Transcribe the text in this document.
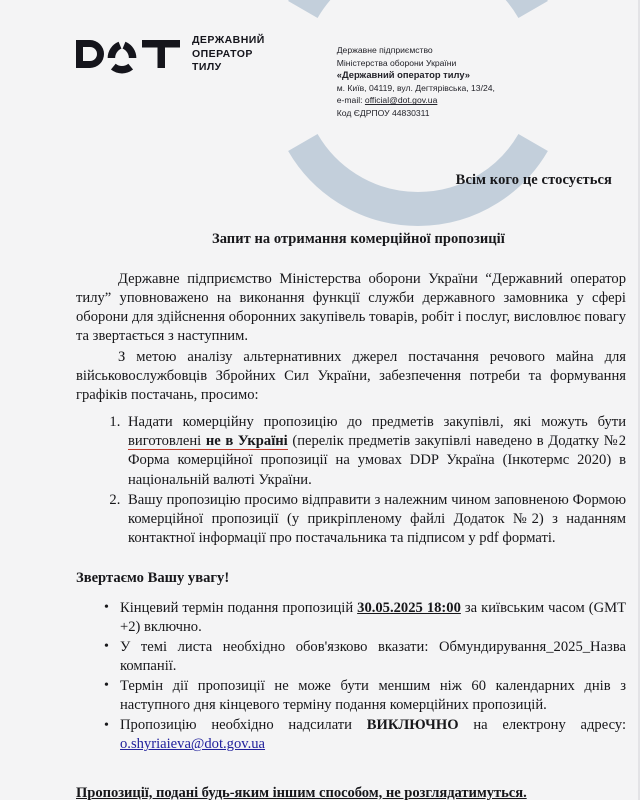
ДЕРЖАВНИЙ
ОПЕРАТОР
ТИЛУ
Державне підприємство
Міністерства оборони України
«Державний оператор тилу»
м. Київ, 04119, вул. Дегтярівська, 13/24,
e-mail: official@dot.gov.ua
Код ЄДРПОУ 44830311
Всім кого це стосується
Запит на отримання комерційної пропозиції

Державне підприємство Міністерства оборони України “Державний оператор тилу” уповноважено на виконання функції служби державного замовника у сфері оборони для здійснення оборонних закупівель товарів, робіт і послуг, висловлює повагу та звертається з наступним.

З метою аналізу альтернативних джерел постачання речового майна для військовослужбовців Збройних Сил України, забезпечення потреби та формування графіків постачань, просимо:

1. Надати комерційну пропозицію до предметів закупівлі, які можуть бути виготовлені не в Україні (перелік предметів закупівлі наведено в Додатку №2 Форма комерційної пропозиції на умовах DDP Україна (Інкотермс 2020) в національній валюті України.
2. Вашу пропозицію просимо відправити з належним чином заповненою Формою комерційної пропозиції (у прикріпленому файлі Додаток №2) з наданням контактної інформації про постачальника та підписом у pdf форматі.
Звертаємо Вашу увагу!
• Кінцевий термін подання пропозицій 30.05.2025 18:00 за київським часом (GMT +2) включно.
• У темі листа необхідно обов'язково вказати: Обмундирування_2025_Назва компанії.
• Термін дії пропозиції не може бути меншим ніж 60 календарних днів з наступного дня кінцевого терміну подання комерційних пропозицій.
• Пропозицію необхідно надсилати ВИКЛЮЧНО на електрону адресу: o.shyriaieva@dot.gov.ua
Пропозиції, подані будь-яким іншим способом, не розглядатимуться.
